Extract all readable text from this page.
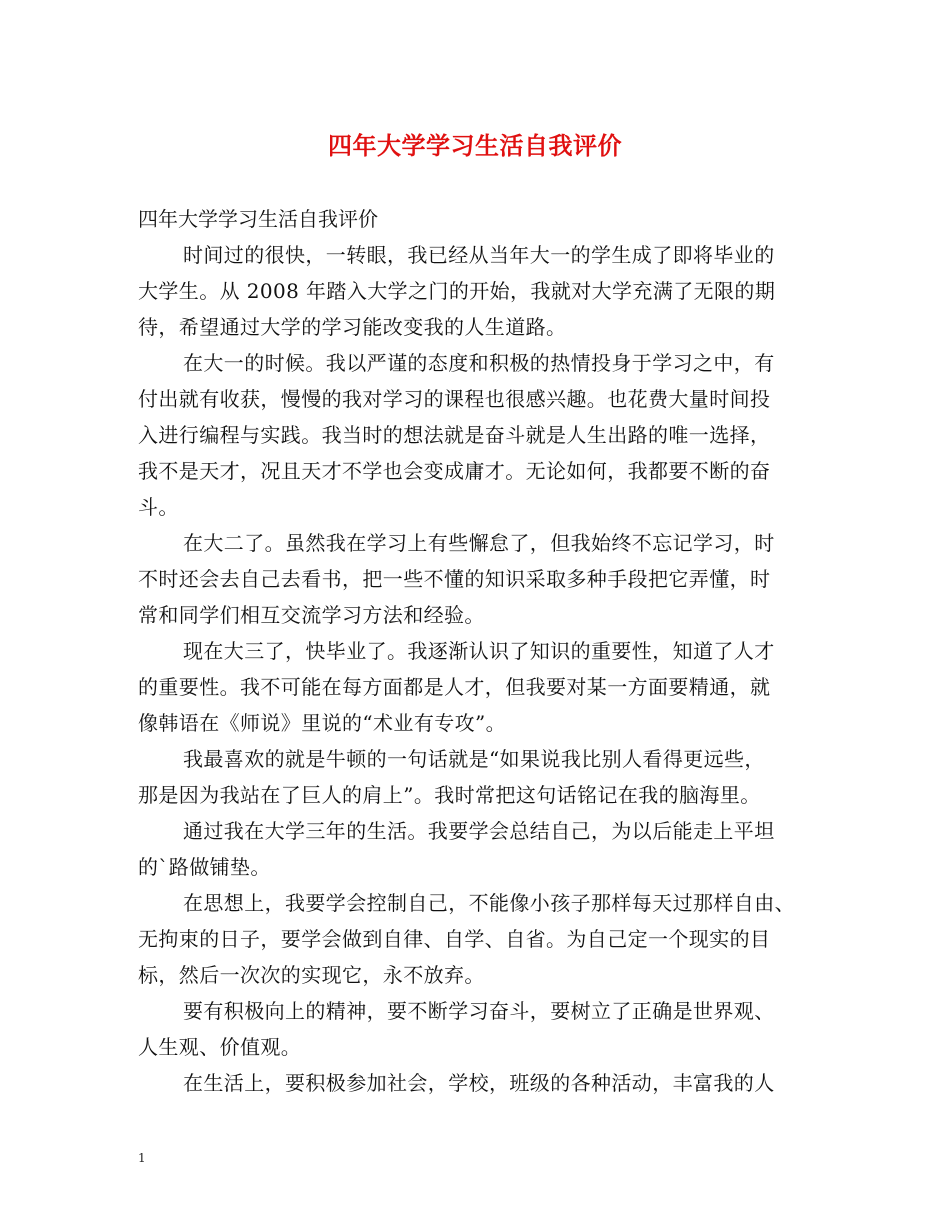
四年大学学习生活自我评价
四年大学学习生活自我评价
时间过的很快，一转眼，我已经从当年大一的学生成了即将毕业的
大学生。从 2008 年踏入大学之门的开始，我就对大学充满了无限的期
待，希望通过大学的学习能改变我的人生道路。
在大一的时候。我以严谨的态度和积极的热情投身于学习之中，有
付出就有收获，慢慢的我对学习的课程也很感兴趣。也花费大量时间投
入进行编程与实践。我当时的想法就是奋斗就是人生出路的唯一选择，
我不是天才，况且天才不学也会变成庸才。无论如何，我都要不断的奋
斗。
在大二了。虽然我在学习上有些懈怠了，但我始终不忘记学习，时
不时还会去自己去看书，把一些不懂的知识采取多种手段把它弄懂，时
常和同学们相互交流学习方法和经验。
现在大三了，快毕业了。我逐渐认识了知识的重要性，知道了人才
的重要性。我不可能在每方面都是人才，但我要对某一方面要精通，就
像韩语在《师说》里说的“术业有专攻”。
我最喜欢的就是牛顿的一句话就是“如果说我比别人看得更远些，
那是因为我站在了巨人的肩上”。我时常把这句话铭记在我的脑海里。
通过我在大学三年的生活。我要学会总结自己，为以后能走上平坦
的`路做铺垫。
在思想上，我要学会控制自己，不能像小孩子那样每天过那样自由、
无拘束的日子，要学会做到自律、自学、自省。为自己定一个现实的目
标，然后一次次的实现它，永不放弃。
要有积极向上的精神，要不断学习奋斗，要树立了正确是世界观、
人生观、价值观。
在生活上，要积极参加社会，学校，班级的各种活动，丰富我的人
1
